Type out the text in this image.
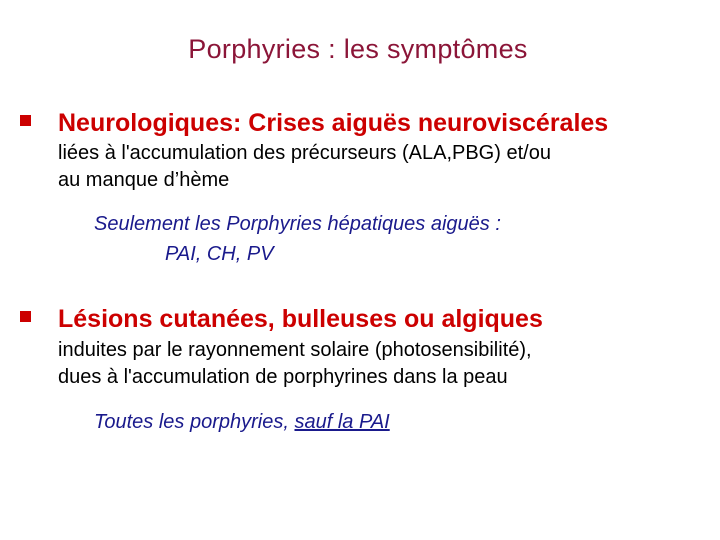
Porphyries : les symptômes
Neurologiques: Crises aiguës neuroviscérales
liées à l'accumulation des précurseurs (ALA,PBG) et/ou
au manque d’hème
Seulement les Porphyries hépatiques aiguës :
PAI, CH, PV
Lésions cutanées, bulleuses ou algiques
induites par le rayonnement solaire (photosensibilité),
dues à l'accumulation de porphyrines dans la peau
Toutes les porphyries, sauf la PAI
